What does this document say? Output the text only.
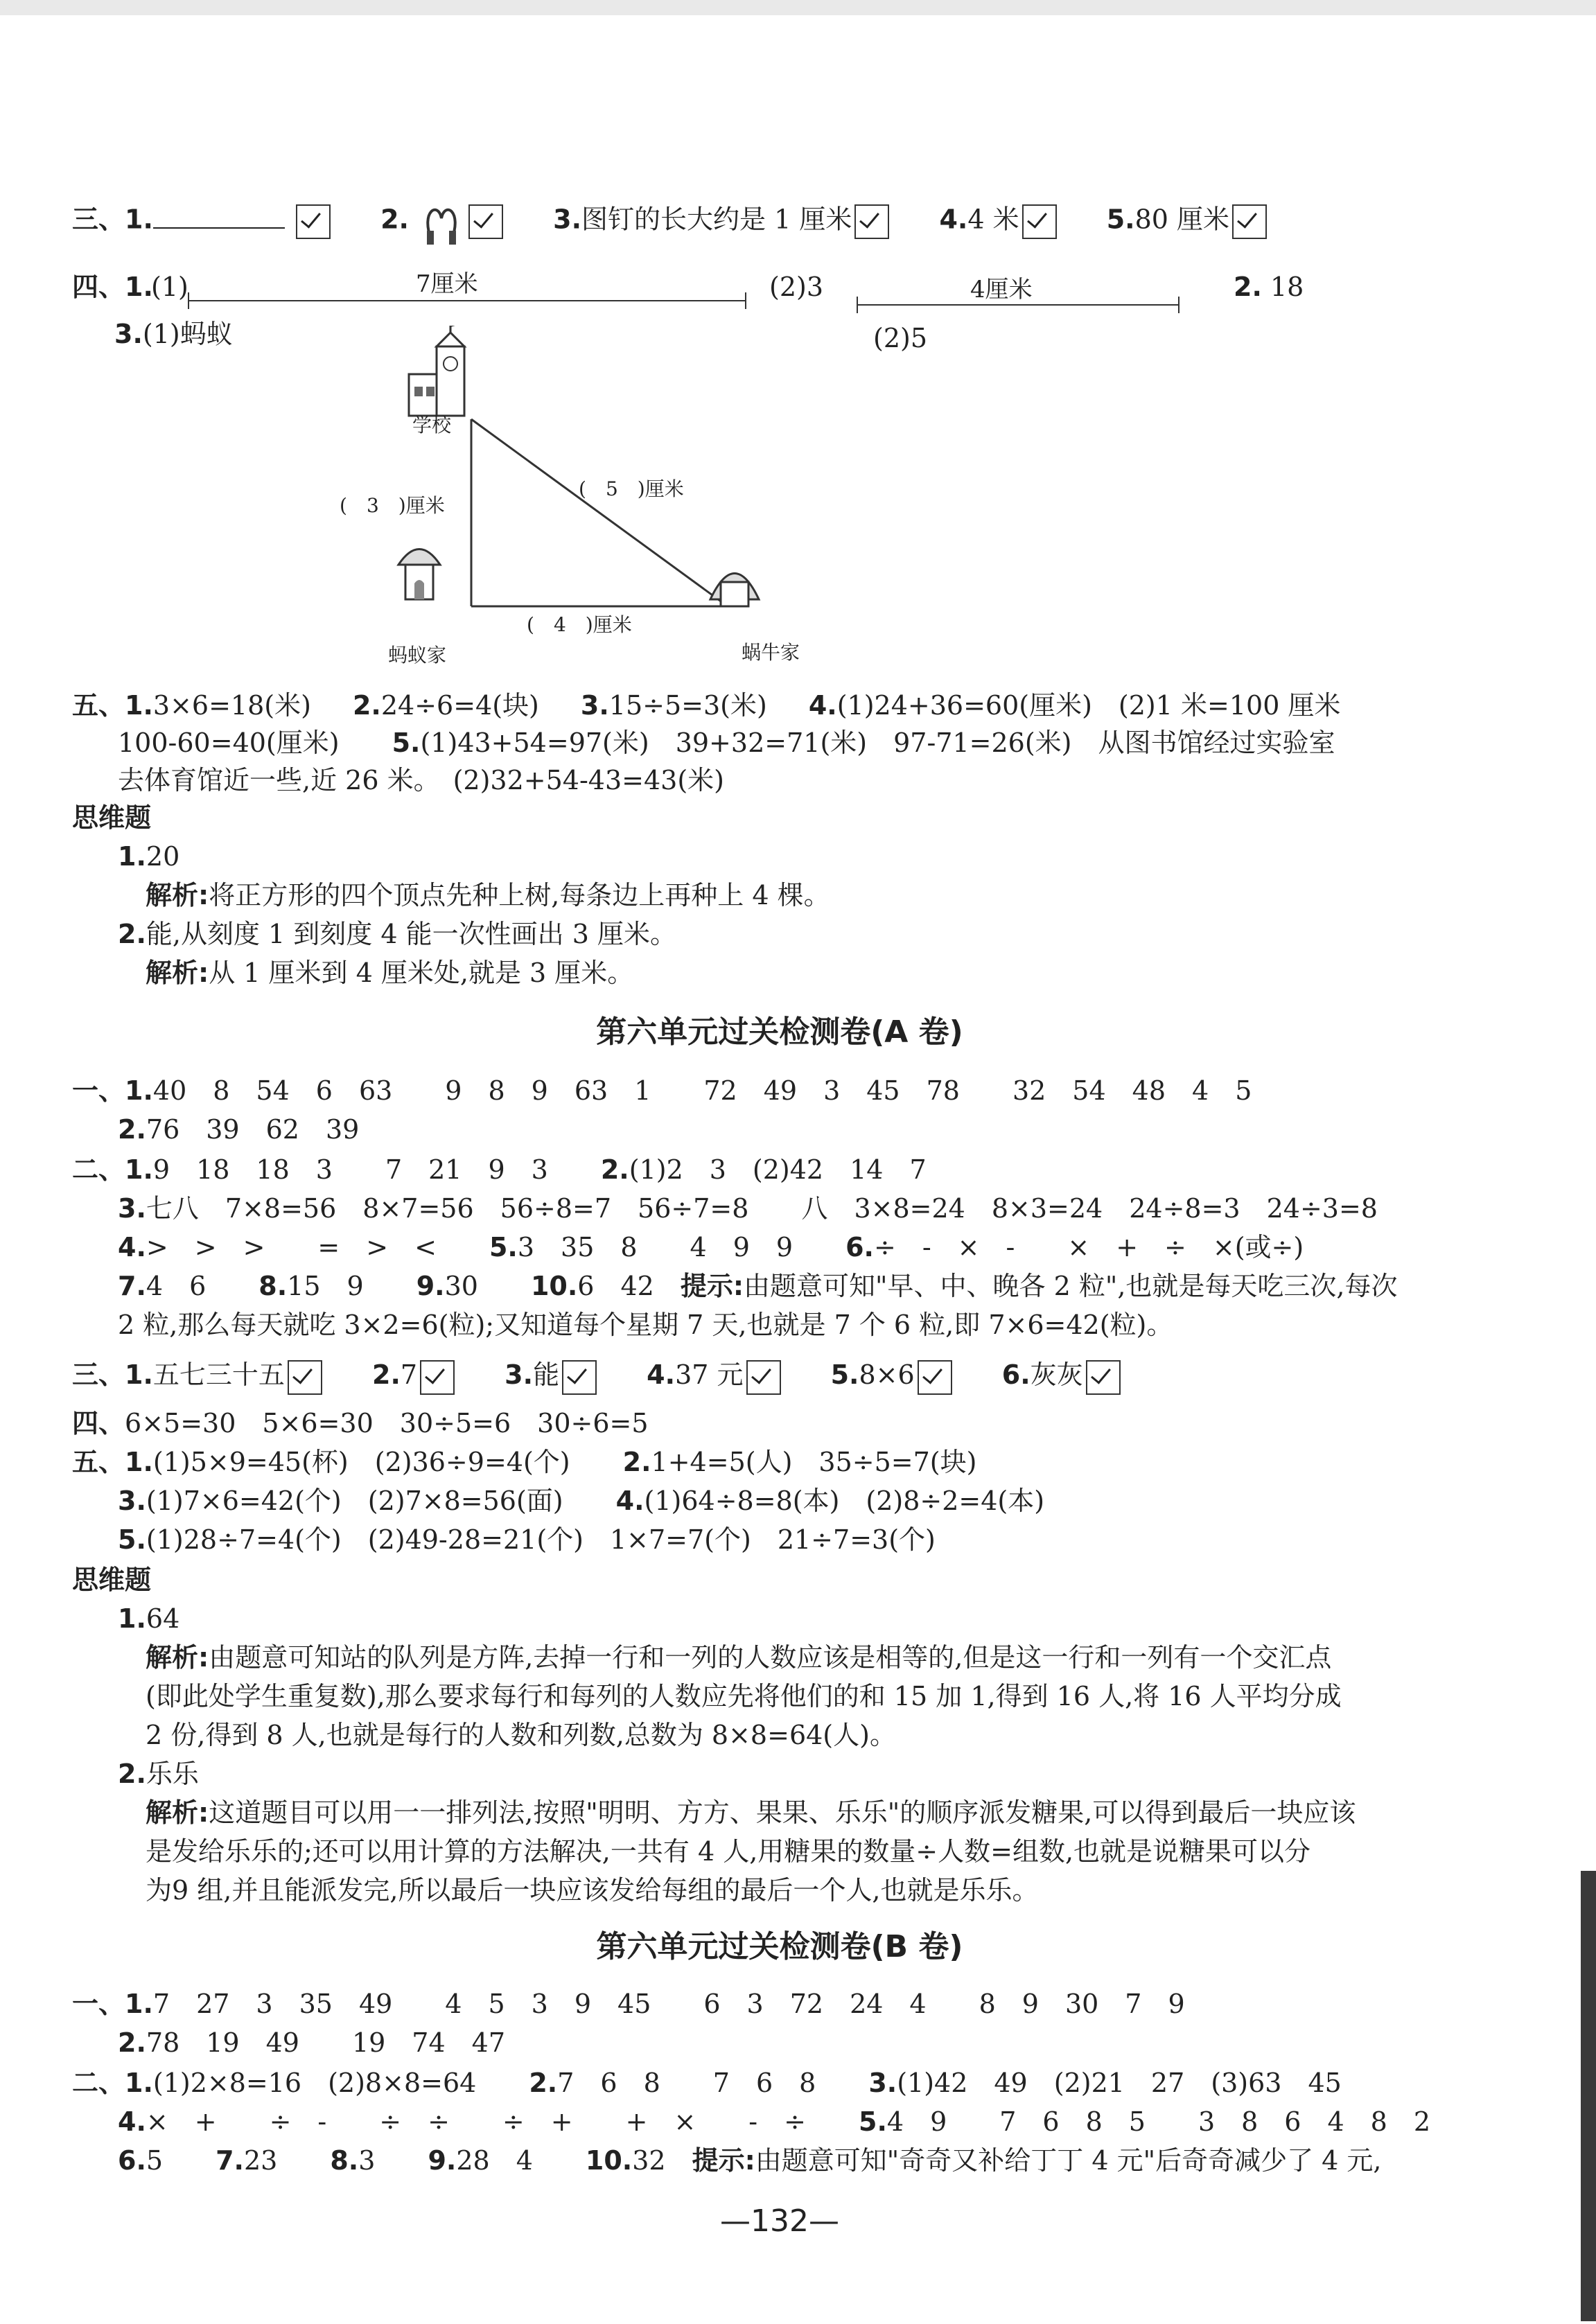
三、1.	2.	3.图钉的长大约是 1 厘米	4.4 米	5.80 厘米
四、1.
(1)	7厘米	(2)3	4厘米	2. 18
3.(1)蚂蚁	(2)5
学校
蚂蚁家	蜗牛家
(　 3　 )厘米
(　 5　 )厘米
(　 4　 )厘米
五、1.3×6=18(米) 2.24÷6=4(块) 3.15÷5=3(米) 4.(1)24+36=60(厘米)　(2)1 米=100 厘米
100-60=40(厘米)　　 5.(1)43+54=97(米)　39+32=71(米)　97-71=26(米)　从图书馆经过实验室
去体育馆近一些,近 26 米。　(2)32+54-43=43(米)
思维题
1.20
解析:将正方形的四个顶点先种上树,每条边上再种上 4 棵。
2.能,从刻度 1 到刻度 4 能一次性画出 3 厘米。
解析:从 1 厘米到 4 厘米处,就是 3 厘米。
第六单元过关检测卷(A 卷)
一、1.40　8　54　6　63　　9　8　9　63　1　　72　49　3　45　78　　32　54　48　4　5
2.76　39　62　39
二、1.9　18　18　3　　7　21　9　3　　 2.(1)2　3　(2)42　14　7
3.七八　7×8=56　8×7=56　56÷8=7　56÷7=8　　八　3×8=24　8×3=24　24÷8=3　24÷3=8
4.>　>　>　　=　>　<　　 5.3　35　8　　4　9　9　　 6.÷　-　×　-　　×　+　÷　×(或÷)
7.4　6　　 8.15　9　　 9.30　　 10.6　42　 提示:由题意可知"早、中、晚各 2 粒",也就是每天吃三次,每次
2 粒,那么每天就吃 3×2=6(粒);又知道每个星期 7 天,也就是 7 个 6 粒,即 7×6=42(粒)。
三、1.五七三十五	2.7	3.能	4.37 元	5.8×6	6.灰灰
四、6×5=30　5×6=30　30÷5=6　30÷6=5
五、1.(1)5×9=45(杯)　(2)36÷9=4(个)　　 2.1+4=5(人)　35÷5=7(块)
3.(1)7×6=42(个)　(2)7×8=56(面)　　 4.(1)64÷8=8(本)　(2)8÷2=4(本)
5.(1)28÷7=4(个)　(2)49-28=21(个)　1×7=7(个)　21÷7=3(个)
思维题
1.64
解析:由题意可知站的队列是方阵,去掉一行和一列的人数应该是相等的,但是这一行和一列有一个交汇点
(即此处学生重复数),那么要求每行和每列的人数应先将他们的和 15 加 1,得到 16 人,将 16 人平均分成
2 份,得到 8 人,也就是每行的人数和列数,总数为 8×8=64(人)。
2.乐乐
解析:这道题目可以用一一排列法,按照"明明、方方、果果、乐乐"的顺序派发糖果,可以得到最后一块应该
是发给乐乐的;还可以用计算的方法解决,一共有 4 人,用糖果的数量÷人数=组数,也就是说糖果可以分
为9 组,并且能派发完,所以最后一块应该发给每组的最后一个人,也就是乐乐。
第六单元过关检测卷(B 卷)
一、1.7　27　3　35　49　　4　5　3　9　45　　6　3　72　24　4　　8　9　30　7　9
2.78　19　49　　19　74　47
二、1.(1)2×8=16　(2)8×8=64　　 2.7　6　8　　7　6　8　　 3.(1)42　49　(2)21　27　(3)63　45
4.×　+　　÷　-　　÷　÷　　÷　+　　+　×　　-　÷　　 5.4　9　　7　6　8　5　　3　8　6　4　8　2
6.5　　 7.23　　 8.3　　 9.28　4　　 10.32　 提示:由题意可知"奇奇又补给丁丁 4 元"后奇奇减少了 4 元,
—132—
